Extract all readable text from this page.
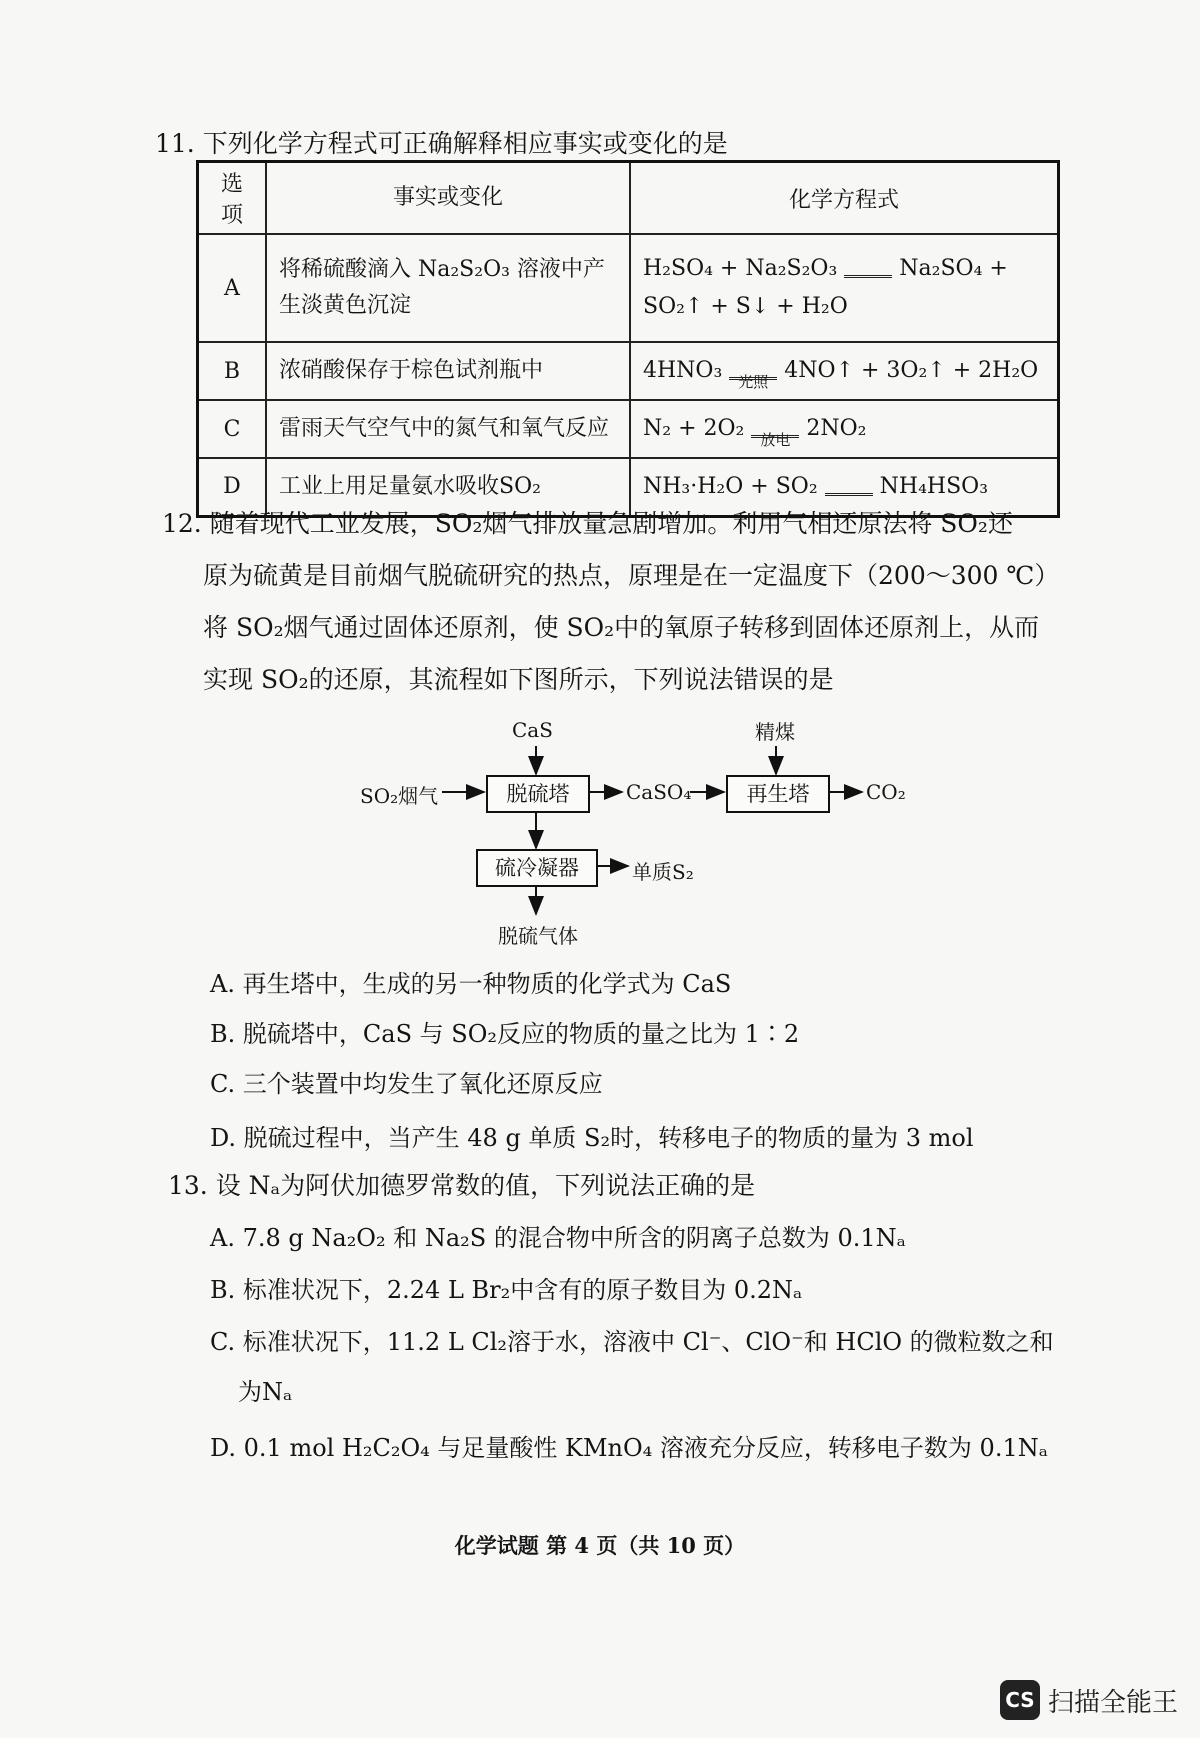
11. 下列化学方程式可正确解释相应事实或变化的是
选项	事实或变化	化学方程式
A	将稀硫酸滴入 Na₂S₂O₃ 溶液中产生淡黄色沉淀	H₂SO₄ + Na₂S₂O₃ Na₂SO₄ + SO₂↑ + S↓ + H₂O
B	浓硝酸保存于棕色试剂瓶中	4HNO₃ 光照 4NO↑ + 3O₂↑ + 2H₂O
C	雷雨天气空气中的氮气和氧气反应	N₂ + 2O₂ 放电 2NO₂
D	工业上用足量氨水吸收SO₂	NH₃·H₂O + SO₂ NH₄HSO₃
12. 随着现代工业发展，SO₂烟气排放量急剧增加。利用气相还原法将 SO₂还
原为硫黄是目前烟气脱硫研究的热点，原理是在一定温度下（200～300 ℃）
将 SO₂烟气通过固体还原剂，使 SO₂中的氧原子转移到固体还原剂上，从而
实现 SO₂的还原，其流程如下图所示，下列说法错误的是
CaS	精煤
SO₂烟气	脱硫塔	CaSO₄	再生塔	CO₂
硫冷凝器	单质S₂
脱硫气体
A. 再生塔中，生成的另一种物质的化学式为 CaS
B. 脱硫塔中，CaS 与 SO₂反应的物质的量之比为 1∶2
C. 三个装置中均发生了氧化还原反应
D. 脱硫过程中，当产生 48 g 单质 S₂时，转移电子的物质的量为 3 mol
13. 设 Nₐ为阿伏加德罗常数的值，下列说法正确的是
A. 7.8 g Na₂O₂ 和 Na₂S 的混合物中所含的阴离子总数为 0.1Nₐ
B. 标准状况下，2.24 L Br₂中含有的原子数目为 0.2Nₐ
C. 标准状况下，11.2 L Cl₂溶于水，溶液中 Cl⁻、ClO⁻和 HClO 的微粒数之和
为Nₐ
D. 0.1 mol H₂C₂O₄ 与足量酸性 KMnO₄ 溶液充分反应，转移电子数为 0.1Nₐ
化学试题 第 4 页（共 10 页）
CS 扫描全能王
